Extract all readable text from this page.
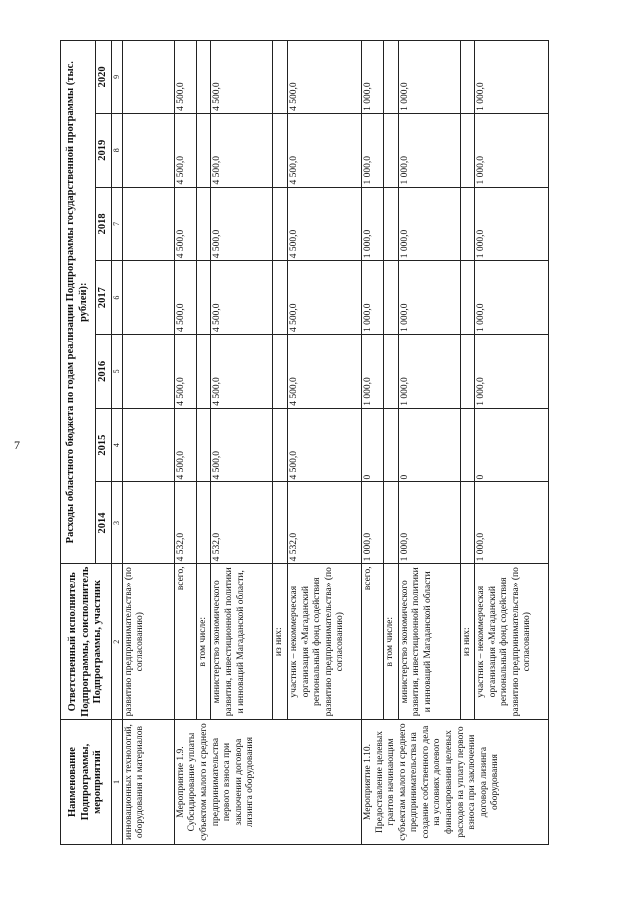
7
Наименование Подпрограммы, мероприятий	Ответственный исполнитель Подпрограммы, соисполнитель Подпрограммы, участник	Расходы областного бюджета по годам реализации Подпрограммы государственной программы (тыс. рублей):						
		2014	2015	2016	2017	2018	2019	2020
1	2	3	4	5	6	7	8	9
инновационных технологий, оборудования и материалов	развитию предпринимательства» (по согласованию)							
Мероприятие 1.9. Субсидирование уплаты субъектом малого и среднего предпринимательства первого взноса при заключении договора лизинга оборудования	всего,	4 532,0	4 500,0	4 500,0	4 500,0	4 500,0	4 500,0	4 500,0
	в том числе:							
	министерство экономического развития, инвестиционной политики и инноваций Магаданской области,	4 532,0	4 500,0	4 500,0	4 500,0	4 500,0	4 500,0	4 500,0
	из них:							
	участник – некоммерческая организация «Магаданский региональный фонд содействия развитию предпринимательства» (по согласованию)	4 532,0	4 500,0	4 500,0	4 500,0	4 500,0	4 500,0	4 500,0
Мероприятие 1.10. Предоставление целевых грантов начинающим субъектам малого и среднего предпринимательства на создание собственного дела на условиях долевого финансирования целевых расходов на уплату первого взноса при заключении договора лизинга оборудования	всего,	1 000,0	0	1 000,0	1 000,0	1 000,0	1 000,0	1 000,0
	в том числе:							
	министерство экономического развития, инвестиционной политики и инноваций Магаданской области	1 000,0	0	1 000,0	1 000,0	1 000,0	1 000,0	1 000,0
	из них:							
	участник – некоммерческая организация «Магаданский региональный фонд содействия развитию предпринимательства» (по согласованию)	1 000,0	0	1 000,0	1 000,0	1 000,0	1 000,0	1 000,0
